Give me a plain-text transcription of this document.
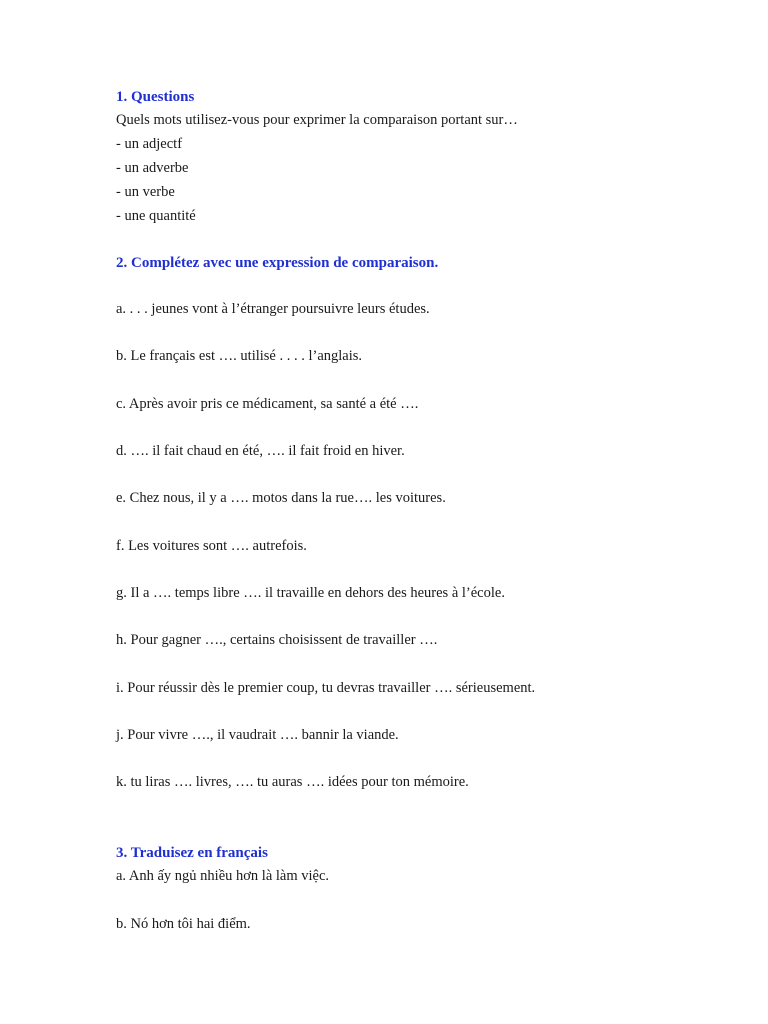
1. Questions
Quels mots utilisez-vous pour exprimer la comparaison portant sur…
- un adjectf
- un adverbe
- un verbe
- une quantité
2. Complétez avec une expression de comparaison.
a. . . . jeunes vont à l’étranger poursuivre leurs études.
b. Le français est …. utilisé . . . . l’anglais.
c. Après avoir pris ce médicament, sa santé a été ….
d. …. il fait chaud en été, …. il fait froid en hiver.
e. Chez nous, il y a …. motos dans la rue…. les voitures.
f. Les voitures sont …. autrefois.
g. Il a …. temps libre …. il travaille en dehors des heures à l’école.
h. Pour gagner …., certains choisissent de travailler ….
i. Pour réussir dès le premier coup, tu devras travailler …. sérieusement.
j. Pour vivre …., il vaudrait …. bannir la viande.
k. tu liras …. livres, …. tu auras …. idées pour ton mémoire.
3. Traduisez en français
a. Anh ấy ngủ nhiều hơn là làm việc.
b. Nó hơn tôi hai điểm.
